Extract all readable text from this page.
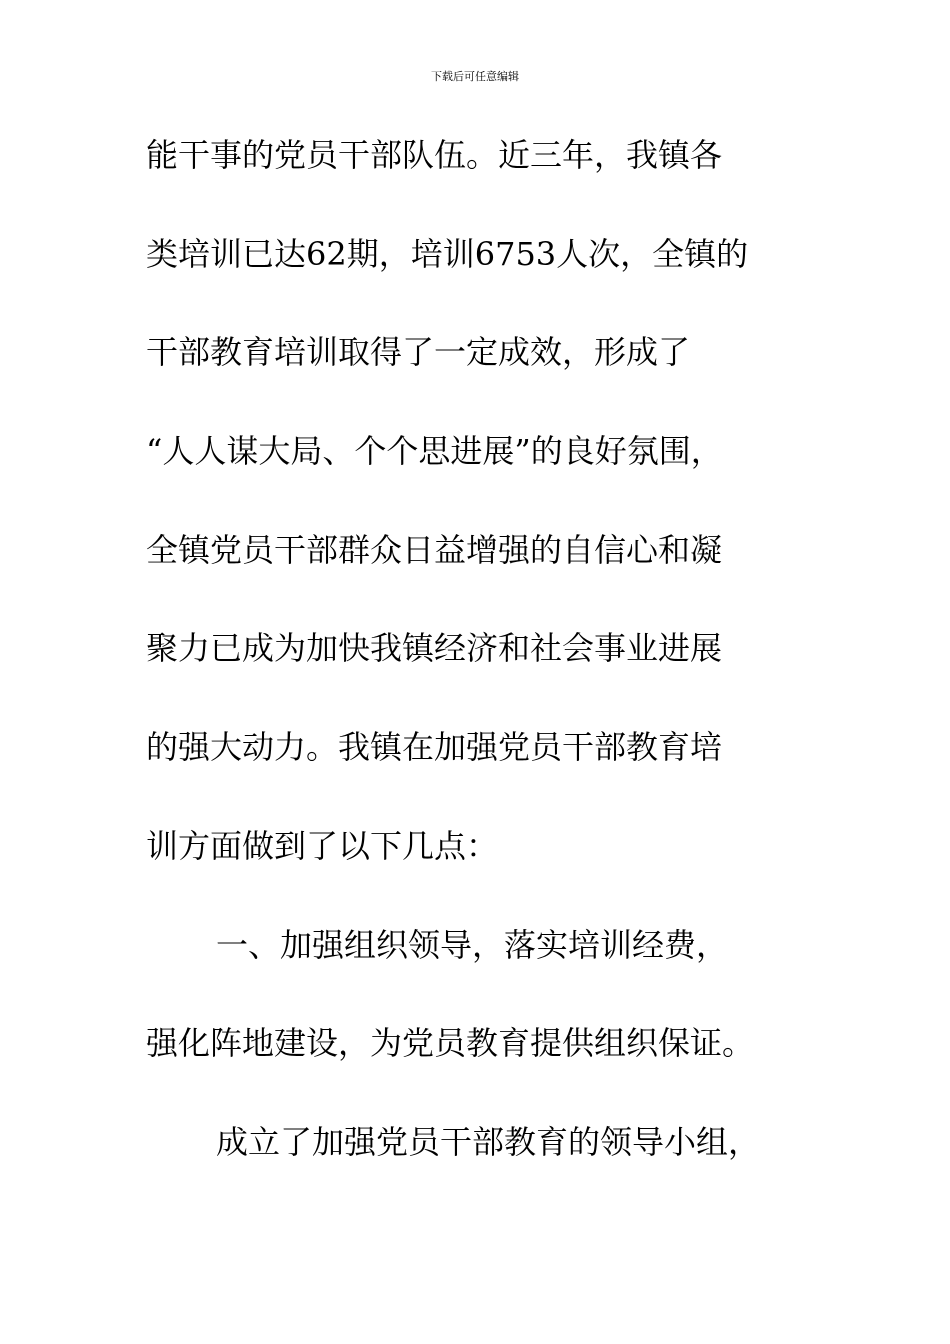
下载后可任意编辑
能干事的党员干部队伍。近三年，我镇各
类培训已达62期，培训6753人次，全镇的
干部教育培训取得了一定成效，形成了
“人人谋大局、个个思进展”的良好氛围，
全镇党员干部群众日益增强的自信心和凝
聚力已成为加快我镇经济和社会事业进展
的强大动力。我镇在加强党员干部教育培
训方面做到了以下几点：
一、加强组织领导，落实培训经费，
强化阵地建设，为党员教育提供组织保证。
成立了加强党员干部教育的领导小组，
